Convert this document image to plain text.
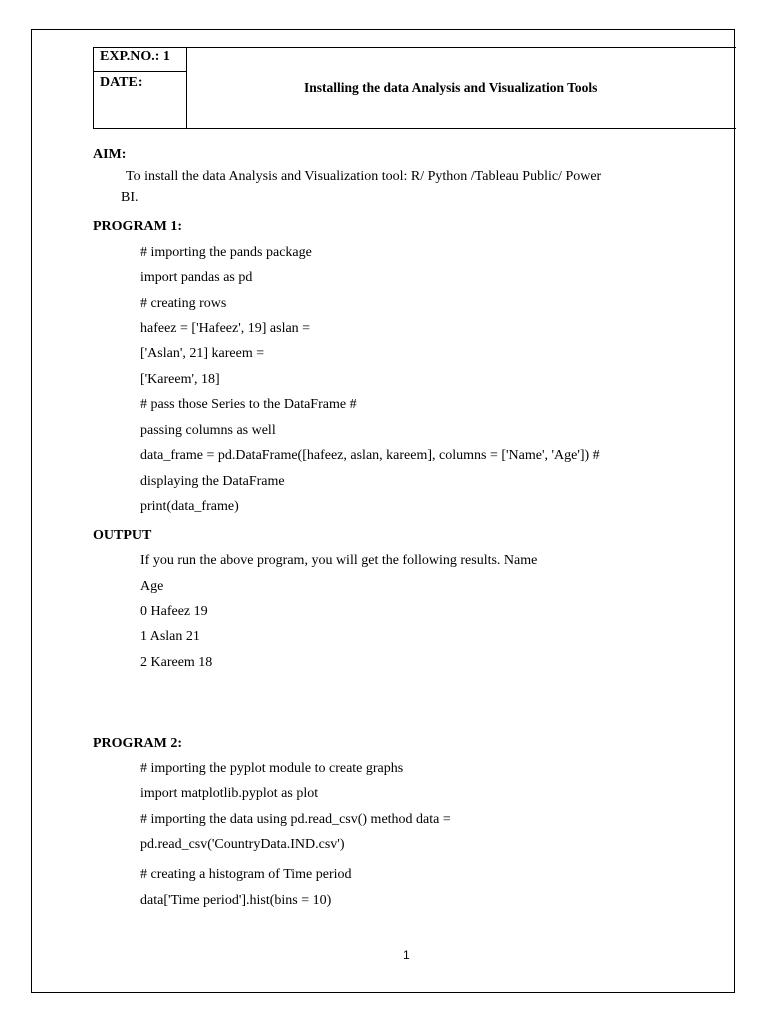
EXP.NO.: 1
DATE:	Installing the data Analysis and Visualization Tools
AIM:
To install the data Analysis and Visualization tool: R/ Python /Tableau Public/ Power
BI.
PROGRAM 1:
# importing the pands package
import pandas as pd
# creating rows
hafeez = ['Hafeez', 19] aslan =
['Aslan', 21] kareem =
['Kareem', 18]
# pass those Series to the DataFrame #
passing columns as well
data_frame = pd.DataFrame([hafeez, aslan, kareem], columns = ['Name', 'Age']) #
displaying the DataFrame
print(data_frame)
OUTPUT
If you run the above program, you will get the following results. Name
Age
0 Hafeez 19
1 Aslan 21
2 Kareem 18
PROGRAM 2:
# importing the pyplot module to create graphs
import matplotlib.pyplot as plot
# importing the data using pd.read_csv() method data =
pd.read_csv('CountryData.IND.csv')
# creating a histogram of Time period
data['Time period'].hist(bins = 10)
1
